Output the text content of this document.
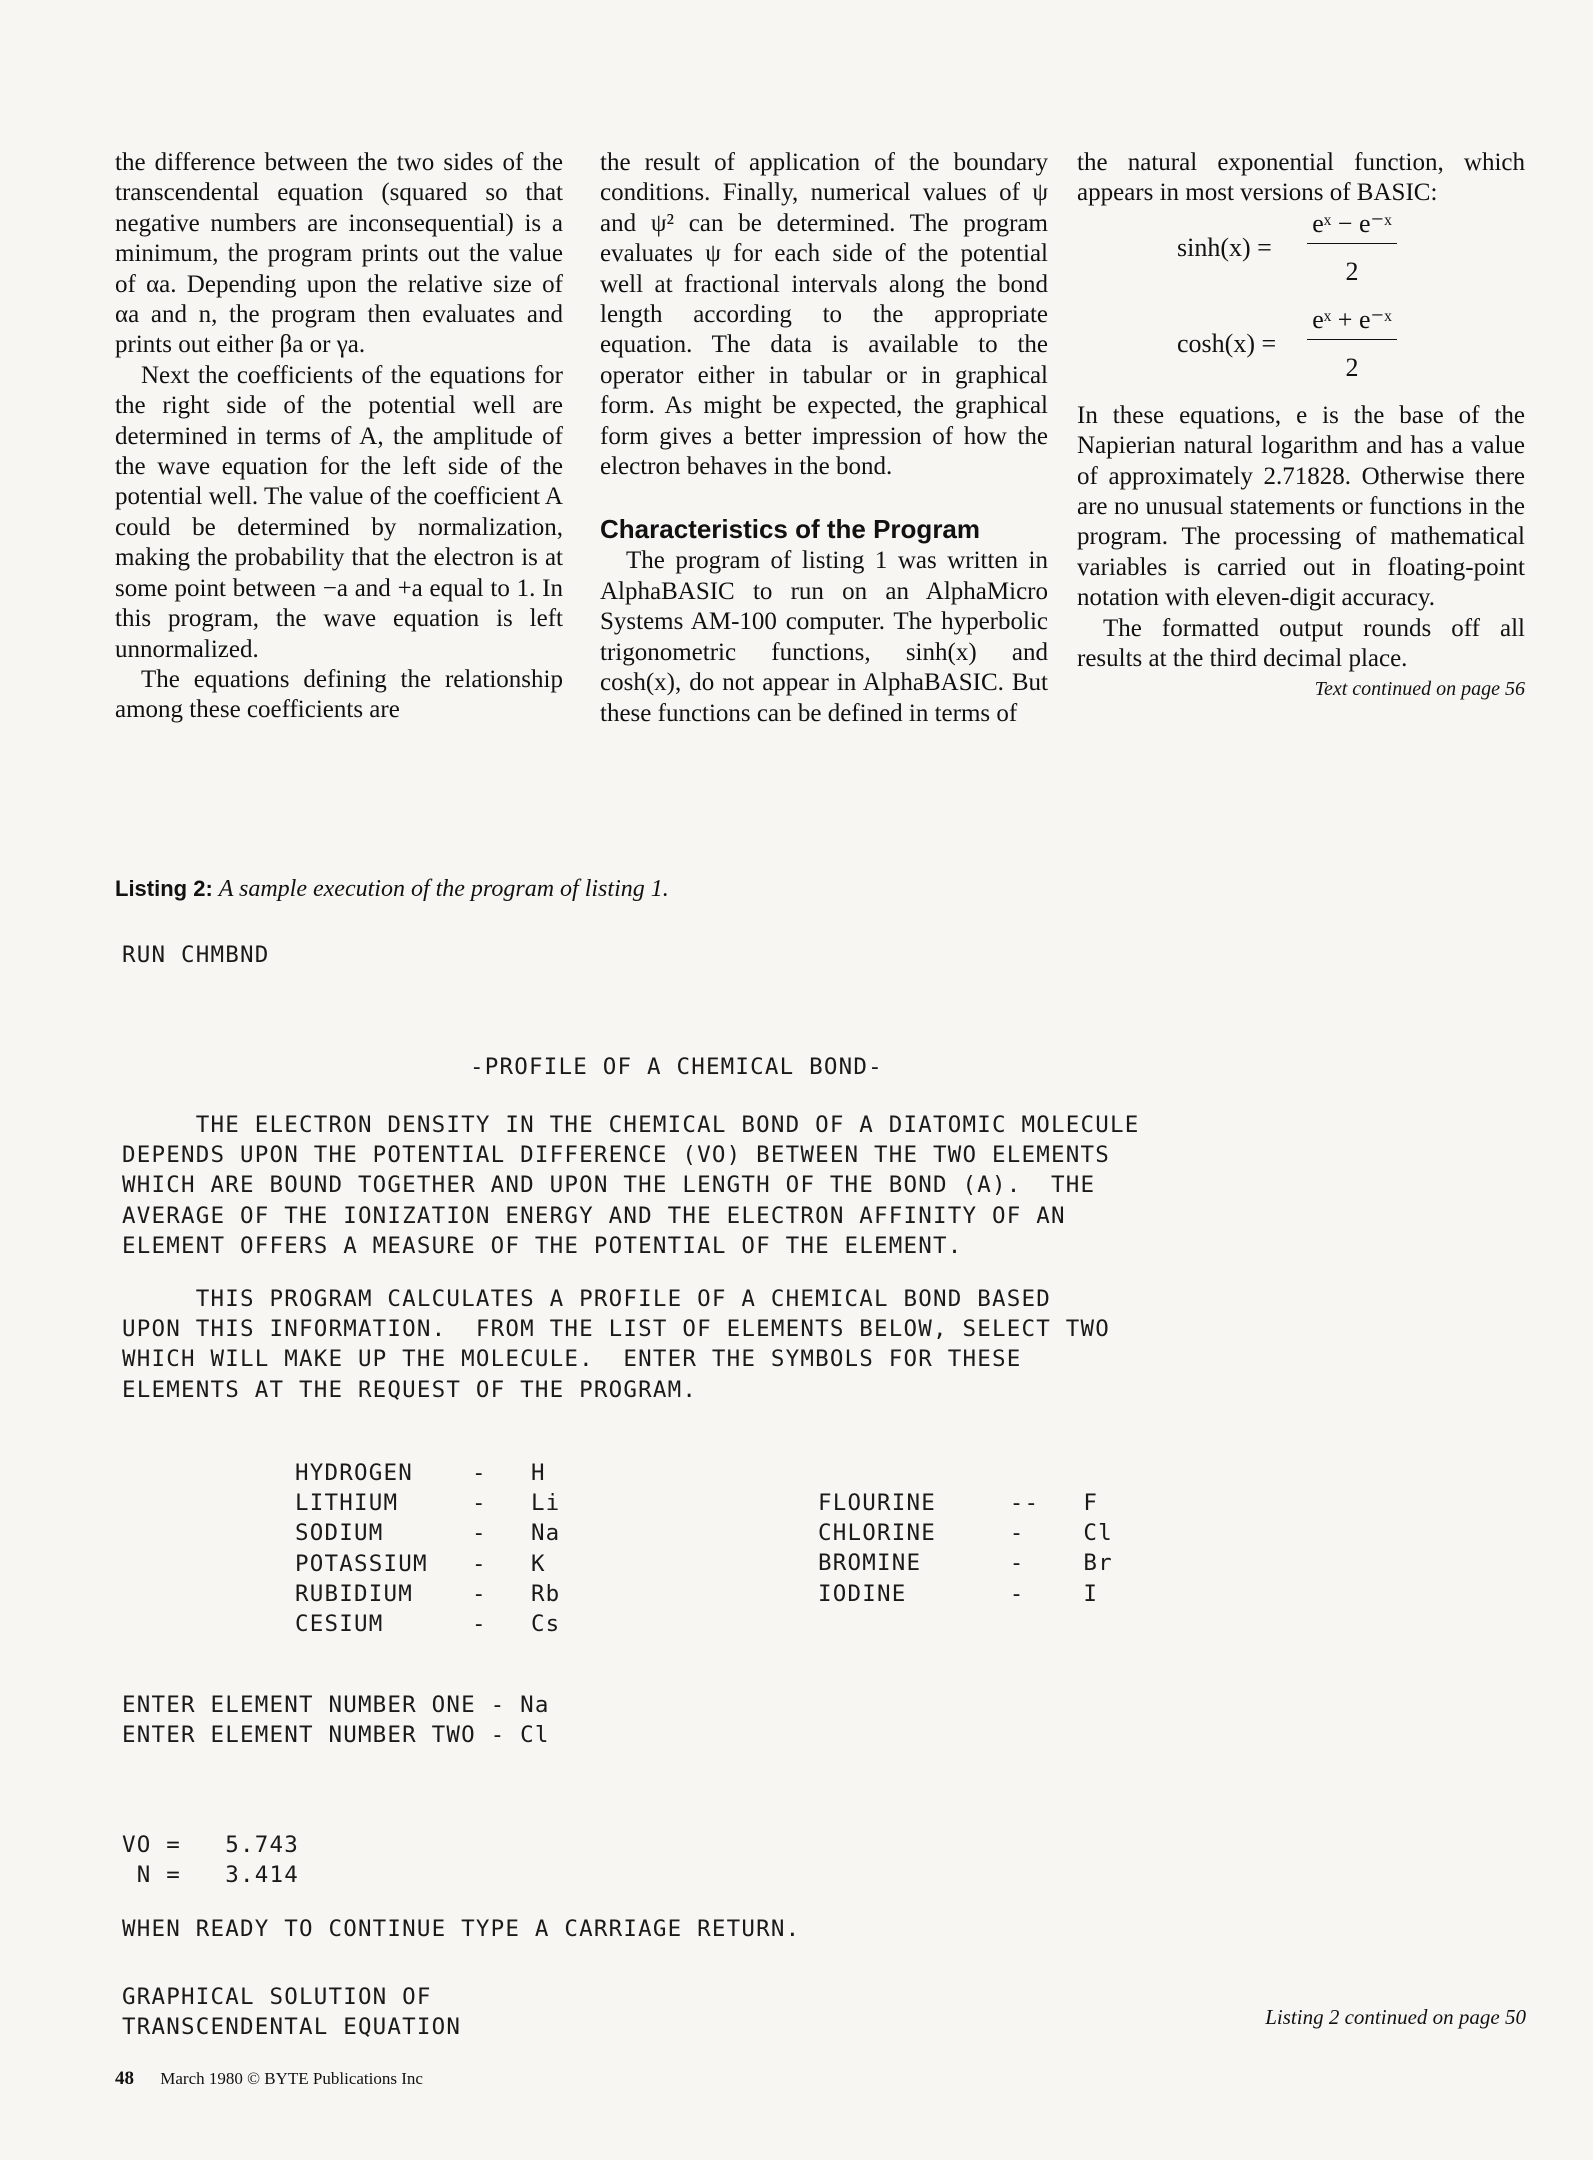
the difference between the two sides of the transcendental equation (squared so that negative numbers are inconsequential) is a minimum, the program prints out the value of αa. Depending upon the relative size of αa and n, the program then evaluates and prints out either βa or γa.

Next the coefficients of the equations for the right side of the potential well are determined in terms of A, the amplitude of the wave equation for the left side of the potential well. The value of the coefficient A could be determined by normalization, making the probability that the electron is at some point between −a and +a equal to 1. In this program, the wave equation is left unnormalized.

The equations defining the relationship among these coefficients are

the result of application of the boundary conditions. Finally, numerical values of ψ and ψ² can be determined. The program evaluates ψ for each side of the potential well at fractional intervals along the bond length according to the appropriate equation. The data is available to the operator either in tabular or in graphical form. As might be expected, the graphical form gives a better impression of how the electron behaves in the bond.

Characteristics of the Program

The program of listing 1 was written in AlphaBASIC to run on an AlphaMicro Systems AM-100 computer. The hyperbolic trigonometric functions, sinh(x) and cosh(x), do not appear in AlphaBASIC. But these functions can be defined in terms of

the natural exponential function, which appears in most versions of BASIC:

sinh(x) =
eˣ − e⁻ˣ
2
cosh(x) =
eˣ + e⁻ˣ
2

In these equations, e is the base of the Napierian natural logarithm and has a value of approximately 2.71828. Otherwise there are no unusual statements or functions in the program. The processing of mathematical variables is carried out in floating-point notation with eleven-digit accuracy.

The formatted output rounds off all results at the third decimal place.

Text continued on page 56

Listing 2: A sample execution of the program of listing 1.
RUN CHMBND
-PROFILE OF A CHEMICAL BOND-
THE ELECTRON DENSITY IN THE CHEMICAL BOND OF A DIATOMIC MOLECULE
DEPENDS UPON THE POTENTIAL DIFFERENCE (VO) BETWEEN THE TWO ELEMENTS
WHICH ARE BOUND TOGETHER AND UPON THE LENGTH OF THE BOND (A).  THE
AVERAGE OF THE IONIZATION ENERGY AND THE ELECTRON AFFINITY OF AN
ELEMENT OFFERS A MEASURE OF THE POTENTIAL OF THE ELEMENT.
THIS PROGRAM CALCULATES A PROFILE OF A CHEMICAL BOND BASED
UPON THIS INFORMATION.  FROM THE LIST OF ELEMENTS BELOW, SELECT TWO
WHICH WILL MAKE UP THE MOLECULE.  ENTER THE SYMBOLS FOR THESE
ELEMENTS AT THE REQUEST OF THE PROGRAM.
HYDROGEN    -   H
LITHIUM     -   Li
SODIUM      -   Na
POTASSIUM   -   K
RUBIDIUM    -   Rb
CESIUM      -   Cs
FLOURINE     --   F
CHLORINE     -    Cl
BROMINE      -    Br
IODINE       -    I
ENTER ELEMENT NUMBER ONE - Na
ENTER ELEMENT NUMBER TWO - Cl
VO =   5.743
N =   3.414
WHEN READY TO CONTINUE TYPE A CARRIAGE RETURN.
GRAPHICAL SOLUTION OF
TRANSCENDENTAL EQUATION	Listing 2 continued on page 50
48 March 1980 © BYTE Publications Inc
